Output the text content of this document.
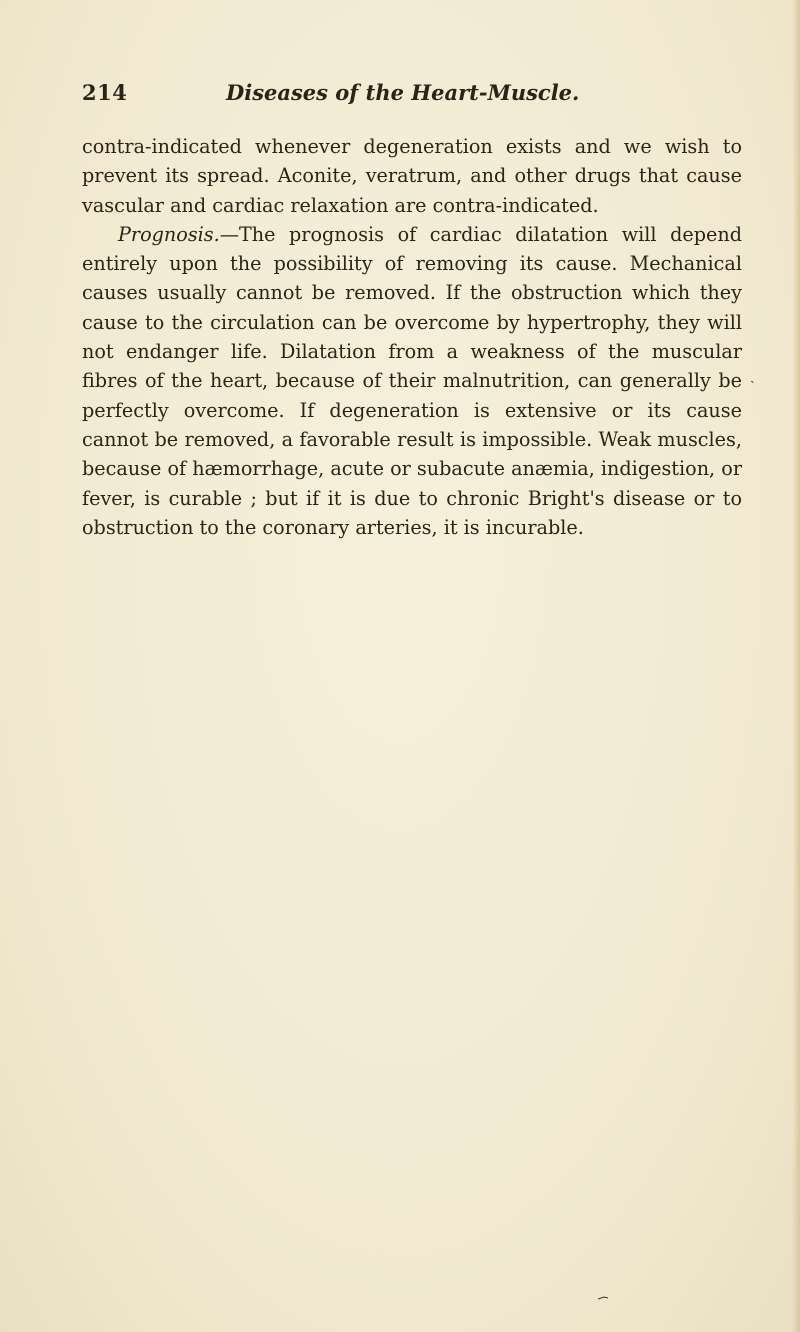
214	Diseases of the Heart-Muscle.

contra-indicated whenever degeneration exists and we wish to prevent its spread. Aconite, veratrum, and other drugs that cause vascular and cardiac relaxation are contra-indicated.

Prognosis.—The prognosis of cardiac dilatation will depend entirely upon the possibility of removing its cause. Mechanical causes usually cannot be removed. If the obstruction which they cause to the circulation can be overcome by hypertrophy, they will not endanger life. Dilatation from a weakness of the muscular fibres of the heart, because of their malnutrition, can generally be perfectly overcome. If degeneration is extensive or its cause cannot be removed, a favorable result is impossible. Weak muscles, because of hæmorrhage, acute or subacute anæmia, indigestion, or fever, is curable ; but if it is due to chronic Bright's disease or to obstruction to the coronary arteries, it is incurable.

ˏ
